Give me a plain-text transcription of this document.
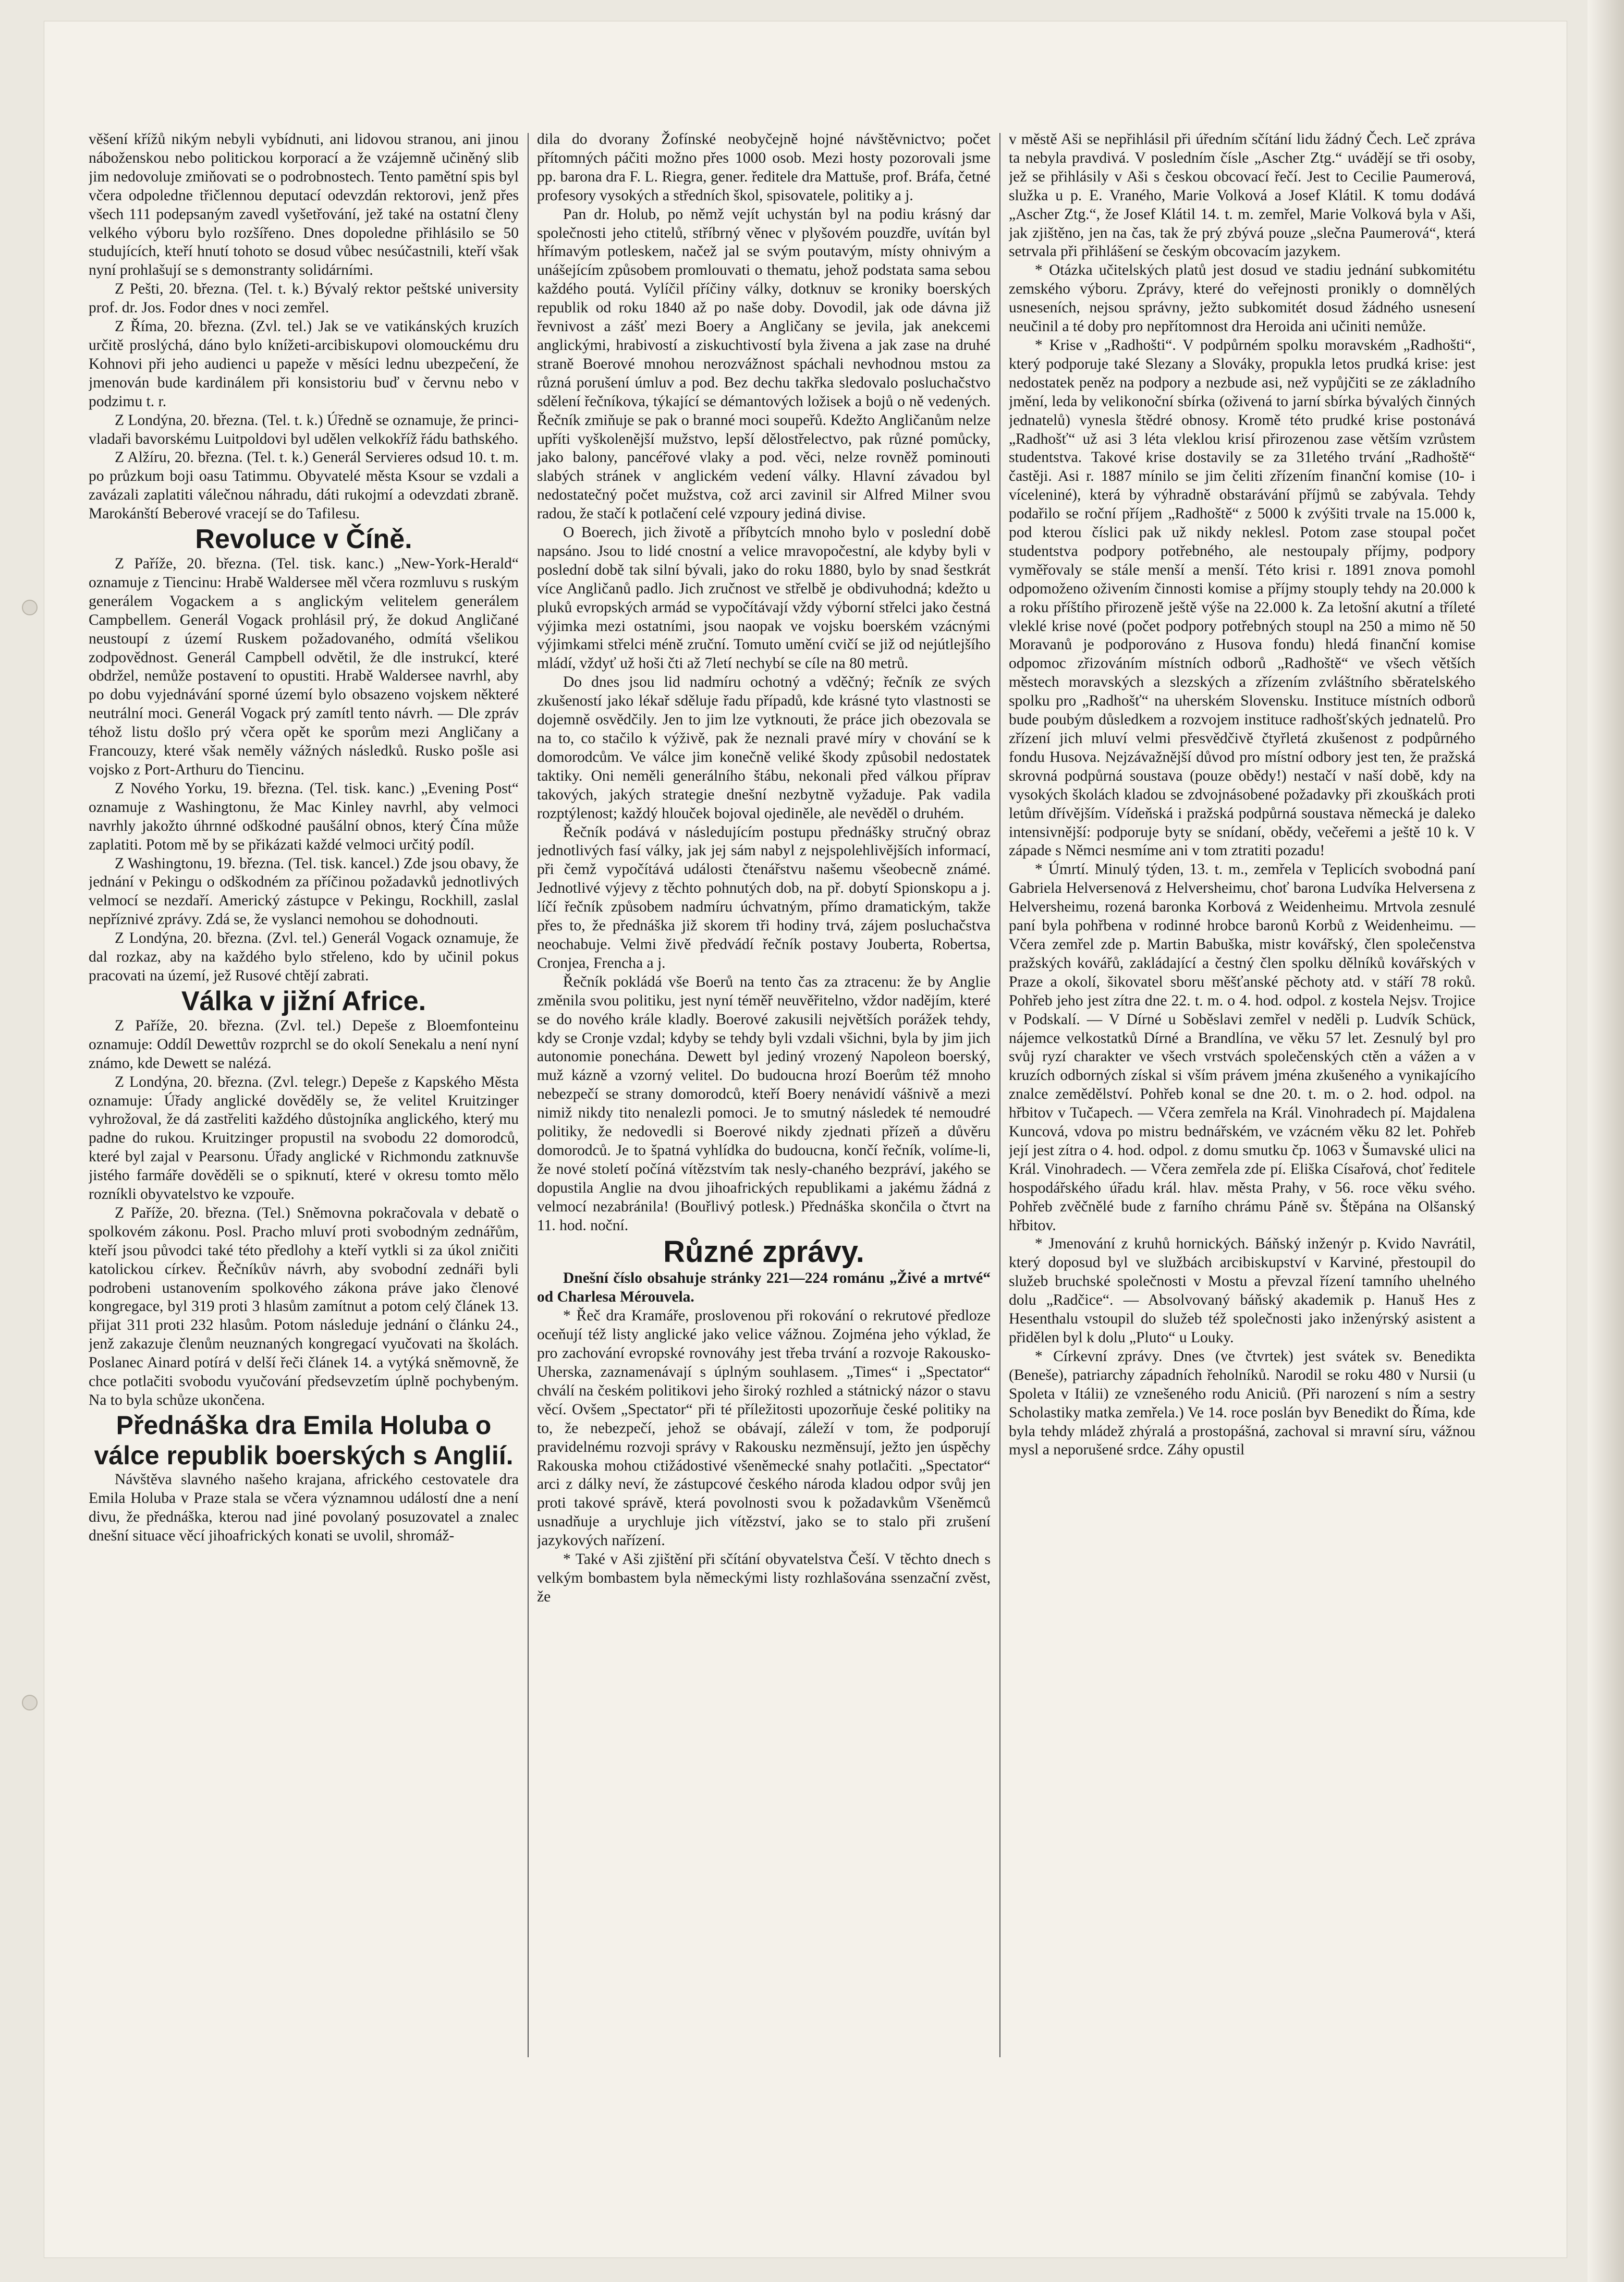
věšení křížů nikým nebyli vybídnuti, ani lidovou stranou, ani jinou náboženskou nebo politickou korporací a že vzájemně učiněný slib jim nedovoluje zmiňovati se o podrobnostech. Tento pamětní spis byl včera odpoledne třičlennou deputací odevzdán rektorovi, jenž přes všech 111 podepsaným zavedl vyšetřování, jež také na ostatní členy velkého výboru bylo rozšířeno. Dnes dopoledne přihlásilo se 50 studujících, kteří hnutí tohoto se dosud vůbec nesúčastnili, kteří však nyní prohlašují se s demonstranty solidárními.

Z Pešti, 20. března. (Tel. t. k.) Bývalý rektor peštské university prof. dr. Jos. Fodor dnes v noci zemřel.

Z Říma, 20. března. (Zvl. tel.) Jak se ve vatikánských kruzích určitě proslýchá, dáno bylo knížeti-arcibiskupovi olomouckému dru Kohnovi při jeho audienci u papeže v měsíci lednu ubezpečení, že jmenován bude kardinálem při konsistoriu buď v červnu nebo v podzimu t. r.

Z Londýna, 20. března. (Tel. t. k.) Úředně se oznamuje, že princi-vladaři bavorskému Luitpoldovi byl udělen velkokříž řádu bathského.

Z Alžíru, 20. března. (Tel. t. k.) Generál Servieres odsud 10. t. m. po průzkum boji oasu Tatimmu. Obyvatelé města Ksour se vzdali a zavázali zaplatiti válečnou náhradu, dáti rukojmí a odevzdati zbraně. Marokánští Beberové vracejí se do Tafilesu.

Revoluce v Číně.

Z Paříže, 20. března. (Tel. tisk. kanc.) „New-York-Herald“ oznamuje z Tiencinu: Hrabě Waldersee měl včera rozmluvu s ruským generálem Vogackem a s anglickým velitelem generálem Campbellem. Generál Vogack prohlásil prý, že dokud Angličané neustoupí z území Ruskem požadovaného, odmítá všelikou zodpovědnost. Generál Campbell odvětil, že dle instrukcí, které obdržel, nemůže postavení to opustiti. Hrabě Waldersee navrhl, aby po dobu vyjednávání sporné území bylo obsazeno vojskem některé neutrální moci. Generál Vogack prý zamítl tento návrh. — Dle zpráv téhož listu došlo prý včera opět ke sporům mezi Angličany a Francouzy, které však neměly vážných následků. Rusko pošle asi vojsko z Port-Arthuru do Tiencinu.

Z Nového Yorku, 19. března. (Tel. tisk. kanc.) „Evening Post“ oznamuje z Washingtonu, že Mac Kinley navrhl, aby velmoci navrhly jakožto úhrnné odškodné paušální obnos, který Čína může zaplatiti. Potom mě by se přikázati každé velmoci určitý podíl.

Z Washingtonu, 19. března. (Tel. tisk. kancel.) Zde jsou obavy, že jednání v Pekingu o odškodném za příčinou požadavků jednotlivých velmocí se nezdaří. Americký zástupce v Pekingu, Rockhill, zaslal nepříznivé zprávy. Zdá se, že vyslanci nemohou se dohodnouti.

Z Londýna, 20. března. (Zvl. tel.) Generál Vogack oznamuje, že dal rozkaz, aby na každého bylo střeleno, kdo by učinil pokus pracovati na území, jež Rusové chtějí zabrati.

Válka v jižní Africe.

Z Paříže, 20. března. (Zvl. tel.) Depeše z Bloemfonteinu oznamuje: Oddíl Dewettův rozprchl se do okolí Senekalu a není nyní známo, kde Dewett se nalézá.

Z Londýna, 20. března. (Zvl. telegr.) Depeše z Kapského Města oznamuje: Úřady anglické dověděly se, že velitel Kruitzinger vyhrožoval, že dá zastřeliti každého důstojníka anglického, který mu padne do rukou. Kruitzinger propustil na svobodu 22 domorodců, které byl zajal v Pearsonu. Úřady anglické v Richmondu zatknuvše jistého farmáře dověděli se o spiknutí, které v okresu tomto mělo rozníkli obyvatelstvo ke vzpouře.

Z Paříže, 20. března. (Tel.) Sněmovna pokračovala v debatě o spolkovém zákonu. Posl. Pracho mluví proti svobodným zednářům, kteří jsou původci také této předlohy a kteří vytkli si za úkol zničiti katolickou církev. Řečníkův návrh, aby svobodní zednáři byli podrobeni ustanovením spolkového zákona práve jako členové kongregace, byl 319 proti 3 hlasům zamítnut a potom celý článek 13. přijat 311 proti 232 hlasům. Potom následuje jednání o článku 24., jenž zakazuje členům neuznaných kongregací vyučovati na školách. Poslanec Ainard potírá v delší řeči článek 14. a vytýká sněmovně, že chce potlačiti svobodu vyučování předsevzetím úplně pochybeným. Na to byla schůze ukončena.

Přednáška dra Emila Holuba o válce republik boerských s Anglií.

Návštěva slavného našeho krajana, afrického cestovatele dra Emila Holuba v Praze stala se včera významnou událostí dne a není divu, že přednáška, kterou nad jiné povolaný posuzovatel a znalec dnešní situace věcí jihoafrických konati se uvolil, shromáž-

dila do dvorany Žofínské neobyčejně hojné návštěvnictvo; počet přítomných páčiti možno přes 1000 osob. Mezi hosty pozorovali jsme pp. barona dra F. L. Riegra, gener. ředitele dra Mattuše, prof. Bráfa, četné profesory vysokých a středních škol, spisovatele, politiky a j.

Pan dr. Holub, po němž vejít uchystán byl na podiu krásný dar společnosti jeho ctitelů, stříbrný věnec v plyšovém pouzdře, uvítán byl hřímavým potleskem, načež jal se svým poutavým, místy ohnivým a unášejícím způsobem promlouvati o thematu, jehož podstata sama sebou každého poutá. Vylíčil příčiny války, dotknuv se kroniky boerských republik od roku 1840 až po naše doby. Dovodil, jak ode dávna již řevnivost a zášť mezi Boery a Angličany se jevila, jak anekcemi anglickými, hrabivostí a ziskuchtivostí byla živena a jak zase na druhé straně Boerové mnohou nerozvážnost spáchali nevhodnou mstou za různá porušení úmluv a pod. Bez dechu takřka sledovalo posluchačstvo sdělení řečníkova, týkající se démantových ložisek a bojů o ně vedených. Řečník zmiňuje se pak o branné moci soupeřů. Kdežto Angličanům nelze upříti vyškolenější mužstvo, lepší dělostřelectvo, pak různé pomůcky, jako balony, pancéřové vlaky a pod. věci, nelze rovněž pominouti slabých stránek v anglickém vedení války. Hlavní závadou byl nedostatečný počet mužstva, což arci zavinil sir Alfred Milner svou radou, že stačí k potlačení celé vzpoury jediná divise.

O Boerech, jich životě a příbytcích mnoho bylo v poslední době napsáno. Jsou to lidé cnostní a velice mravopočestní, ale kdyby byli v poslední době tak silní bývali, jako do roku 1880, bylo by snad šestkrát více Angličanů padlo. Jich zručnost ve střelbě je obdivuhodná; kdežto u pluků evropských armád se vypočítávají vždy výborní střelci jako čestná výjimka mezi ostatními, jsou naopak ve vojsku boerském vzácnými výjimkami střelci méně zruční. Tomuto umění cvičí se již od nejútlejšího mládí, vždyť už hoši čti až 7letí nechybí se cíle na 80 metrů.

Do dnes jsou lid nadmíru ochotný a vděčný; řečník ze svých zkušeností jako lékař sděluje řadu případů, kde krásné tyto vlastnosti se dojemně osvědčily. Jen to jim lze vytknouti, že práce jich obezovala se na to, co stačilo k výživě, pak že neznali pravé míry v chování se k domorodcům. Ve válce jim konečně veliké škody způsobil nedostatek taktiky. Oni neměli generálního štábu, nekonali před válkou příprav takových, jakých strategie dnešní nezbytně vyžaduje. Pak vadila rozptýlenost; každý hlouček bojoval ojediněle, ale nevěděl o druhém.

Řečník podává v následujícím postupu přednášky stručný obraz jednotlivých fasí války, jak jej sám nabyl z nejspolehlivějších informací, při čemž vypočítává události čtenářstvu našemu všeobecně známé. Jednotlivé výjevy z těchto pohnutých dob, na př. dobytí Spionskopu a j. líčí řečník způsobem nadmíru úchvatným, přímo dramatickým, takže přes to, že přednáška již skorem tři hodiny trvá, zájem posluchačstva neochabuje. Velmi živě předvádí řečník postavy Jouberta, Robertsa, Cronjea, Frencha a j.

Řečník pokládá vše Boerů na tento čas za ztracenu: že by Anglie změnila svou politiku, jest nyní téměř neuvěřitelno, vždor nadějím, které se do nového krále kladly. Boerové zakusili největších porážek tehdy, kdy se Cronje vzdal; kdyby se tehdy byli vzdali všichni, byla by jim jich autonomie ponechána. Dewett byl jediný vrozený Napoleon boerský, muž kázně a vzorný velitel. Do budoucna hrozí Boerům též mnoho nebezpečí se strany domorodců, kteří Boery nenávidí vášnivě a mezi nimiž nikdy tito nenalezli pomoci. Je to smutný následek té nemoudré politiky, že nedovedli si Boerové nikdy zjednati přízeň a důvěru domorodců. Je to špatná vyhlídka do budoucna, končí řečník, volíme-li, že nové století počíná vítězstvím tak nesly-chaného bezpráví, jakého se dopustila Anglie na dvou jihoafrických republikami a jakému žádná z velmocí nezabránila! (Bouřlivý potlesk.) Přednáška skončila o čtvrt na 11. hod. noční.

Různé zprávy.

Dnešní číslo obsahuje stránky 221—224 románu „Živé a mrtvé“ od Charlesa Mérouvela.

* Řeč dra Kramáře, proslovenou při rokování o rekrutové předloze oceňují též listy anglické jako velice vážnou. Zojména jeho výklad, že pro zachování evropské rovnováhy jest třeba trvání a rozvoje Rakousko-Uherska, zaznamenávají s úplným souhlasem. „Times“ i „Spectator“ chválí na českém politikovi jeho široký rozhled a státnický názor o stavu věcí. Ovšem „Spectator“ při té příležitosti upozorňuje české politiky na to, že nebezpečí, jehož se obávají, záleží v tom, že podporují pravidelnému rozvoji správy v Rakousku nezměnsují, ježto jen úspěchy Rakouska mohou ctižádostivé všeněmecké snahy potlačiti. „Spectator“ arci z dálky neví, že zástupcové českého národa kladou odpor svůj jen proti takové správě, která povolnosti svou k požadavkům Všeněmců usnadňuje a urychluje jich vítězství, jako se to stalo při zrušení jazykových nařízení.

* Také v Aši zjištění při sčítání obyvatelstva Češí. V těchto dnech s velkým bombastem byla německými listy rozhlašována ssenzační zvěst, že

v městě Aši se nepřihlásil při úředním sčítání lidu žádný Čech. Leč zpráva ta nebyla pravdivá. V posledním čísle „Ascher Ztg.“ uvádějí se tři osoby, jež se přihlásily v Aši s českou obcovací řečí. Jest to Cecilie Paumerová, služka u p. E. Vraného, Marie Volková a Josef Klátil. K tomu dodává „Ascher Ztg.“, že Josef Klátil 14. t. m. zemřel, Marie Volková byla v Aši, jak zjištěno, jen na čas, tak že prý zbývá pouze „slečna Paumerová“, která setrvala při přihlášení se českým obcovacím jazykem.

* Otázka učitelských platů jest dosud ve stadiu jednání subkomitétu zemského výboru. Zprávy, které do veřejnosti pronikly o domnělých usneseních, nejsou správny, ježto subkomitét dosud žádného usnesení neučinil a té doby pro nepřítomnost dra Heroida ani učiniti nemůže.

* Krise v „Radhošti“. V podpůrném spolku moravském „Radhošti“, který podporuje také Slezany a Slováky, propukla letos prudká krise: jest nedostatek peněz na podpory a nezbude asi, než vypůjčiti se ze základního jmění, leda by velikonoční sbírka (oživená to jarní sbírka bývalých činných jednatelů) vynesla štědré obnosy. Kromě této prudké krise postonává „Radhošť“ už asi 3 léta vleklou krisí přirozenou zase větším vzrůstem studentstva. Takové krise dostavily se za 31letého trvání „Radhoště“ častěji. Asi r. 1887 mínilo se jim čeliti zřízením finanční komise (10- i víceleniné), která by výhradně obstarávání příjmů se zabývala. Tehdy podařilo se roční příjem „Radhoště“ z 5000 k zvýšiti trvale na 15.000 k, pod kterou číslici pak už nikdy neklesl. Potom zase stoupal počet studentstva podpory potřebného, ale nestoupaly příjmy, podpory vyměřovaly se stále menší a menší. Této krisi r. 1891 znova pomohl odpomoženo oživením činnosti komise a příjmy stouply tehdy na 20.000 k a roku příštího přirozeně ještě výše na 22.000 k. Za letošní akutní a tříleté vleklé krise nové (počet podpory potřebných stoupl na 250 a mimo ně 50 Moravanů je podporováno z Husova fondu) hledá finanční komise odpomoc zřizováním místních odborů „Radhoště“ ve všech větších městech moravských a slezských a zřízením zvláštního sběratelského spolku pro „Radhošť“ na uherském Slovensku. Instituce místních odborů bude poubým důsledkem a rozvojem instituce radhošťských jednatelů. Pro zřízení jich mluví velmi přesvědčivě čtyřletá zkušenost z podpůrného fondu Husova. Nejzávažnější důvod pro místní odbory jest ten, že pražská skrovná podpůrná soustava (pouze obědy!) nestačí v naší době, kdy na vysokých školách kladou se zdvojnásobené požadavky při zkouškách proti letům dřívějším. Vídeňská i pražská podpůrná soustava německá je daleko intensivnější: podporuje byty se snídaní, obědy, večeřemi a ještě 10 k. V západe s Němci nesmíme ani v tom ztratiti pozadu!

* Úmrtí. Minulý týden, 13. t. m., zemřela v Teplicích svobodná paní Gabriela Helversenová z Helversheimu, choť barona Ludvíka Helversena z Helversheimu, rozená baronka Korbová z Weidenheimu. Mrtvola zesnulé paní byla pohřbena v rodinné hrobce baronů Korbů z Weidenheimu. — Včera zemřel zde p. Martin Babuška, mistr kovářský, člen společenstva pražských kovářů, zakládající a čestný člen spolku dělníků kovářských v Praze a okolí, šikovatel sboru měšťanské pěchoty atd. v stáří 78 roků. Pohřeb jeho jest zítra dne 22. t. m. o 4. hod. odpol. z kostela Nejsv. Trojice v Podskalí. — V Dírné u Soběslavi zemřel v neděli p. Ludvík Schück, nájemce velkostatků Dírné a Brandlína, ve věku 57 let. Zesnulý byl pro svůj ryzí charakter ve všech vrstvách společenských ctěn a vážen a v kruzích odborných získal si vším právem jména zkušeného a vynikajícího znalce zemědělství. Pohřeb konal se dne 20. t. m. o 2. hod. odpol. na hřbitov v Tučapech. — Včera zemřela na Král. Vinohradech pí. Majdalena Kuncová, vdova po mistru bednářském, ve vzácném věku 82 let. Pohřeb její jest zítra o 4. hod. odpol. z domu smutku čp. 1063 v Šumavské ulici na Král. Vinohradech. — Včera zemřela zde pí. Eliška Císařová, choť ředitele hospodářského úřadu král. hlav. města Prahy, v 56. roce věku svého. Pohřeb zvěčnělé bude z farního chrámu Páně sv. Štěpána na Olšanský hřbitov.

* Jmenování z kruhů hornických. Báňský inženýr p. Kvido Navrátil, který doposud byl ve službách arcibiskupství v Karviné, přestoupil do služeb bruchské společnosti v Mostu a převzal řízení tamního uhelného dolu „Radčice“. — Absolvovaný báňský akademik p. Hanuš Hes z Hesenthalu vstoupil do služeb též společnosti jako inženýrský asistent a přidělen byl k dolu „Pluto“ u Louky.

* Církevní zprávy. Dnes (ve čtvrtek) jest svátek sv. Benedikta (Beneše), patriarchy západních řeholníků. Narodil se roku 480 v Nursii (u Spoleta v Itálii) ze vznešeného rodu Aniciů. (Při narození s ním a sestry Scholastiky matka zemřela.) Ve 14. roce poslán byv Benedikt do Říma, kde byla tehdy mládež zhýralá a prostopášná, zachoval si mravní síru, vážnou mysl a neporušené srdce. Záhy opustil
